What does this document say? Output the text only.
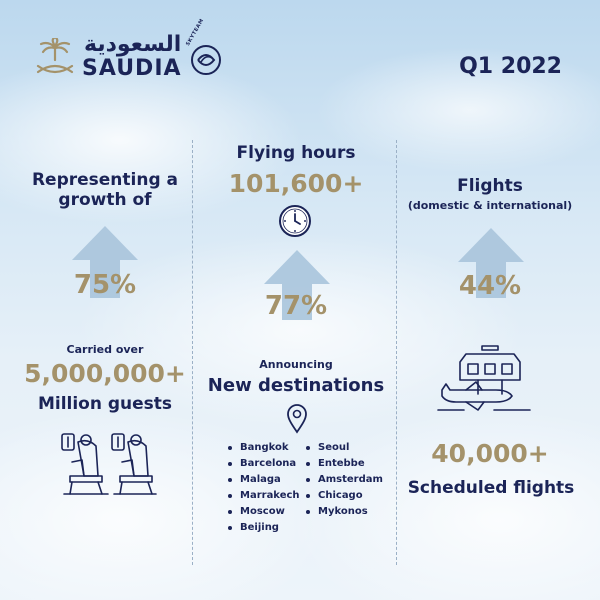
السعودية
SAUDIA
SKYTEAM
Q1 2022
Representing a
growth of
75%
Flying hours
101,600+
77%
Flights
(domestic & international)
44%
Carried over
5,000,000+
Million guests
Announcing
New destinations
Bangkok
Barcelona
Malaga
Marrakech
Moscow
Beijing
Seoul
Entebbe
Amsterdam
Chicago
Mykonos
40,000+
Scheduled flights
